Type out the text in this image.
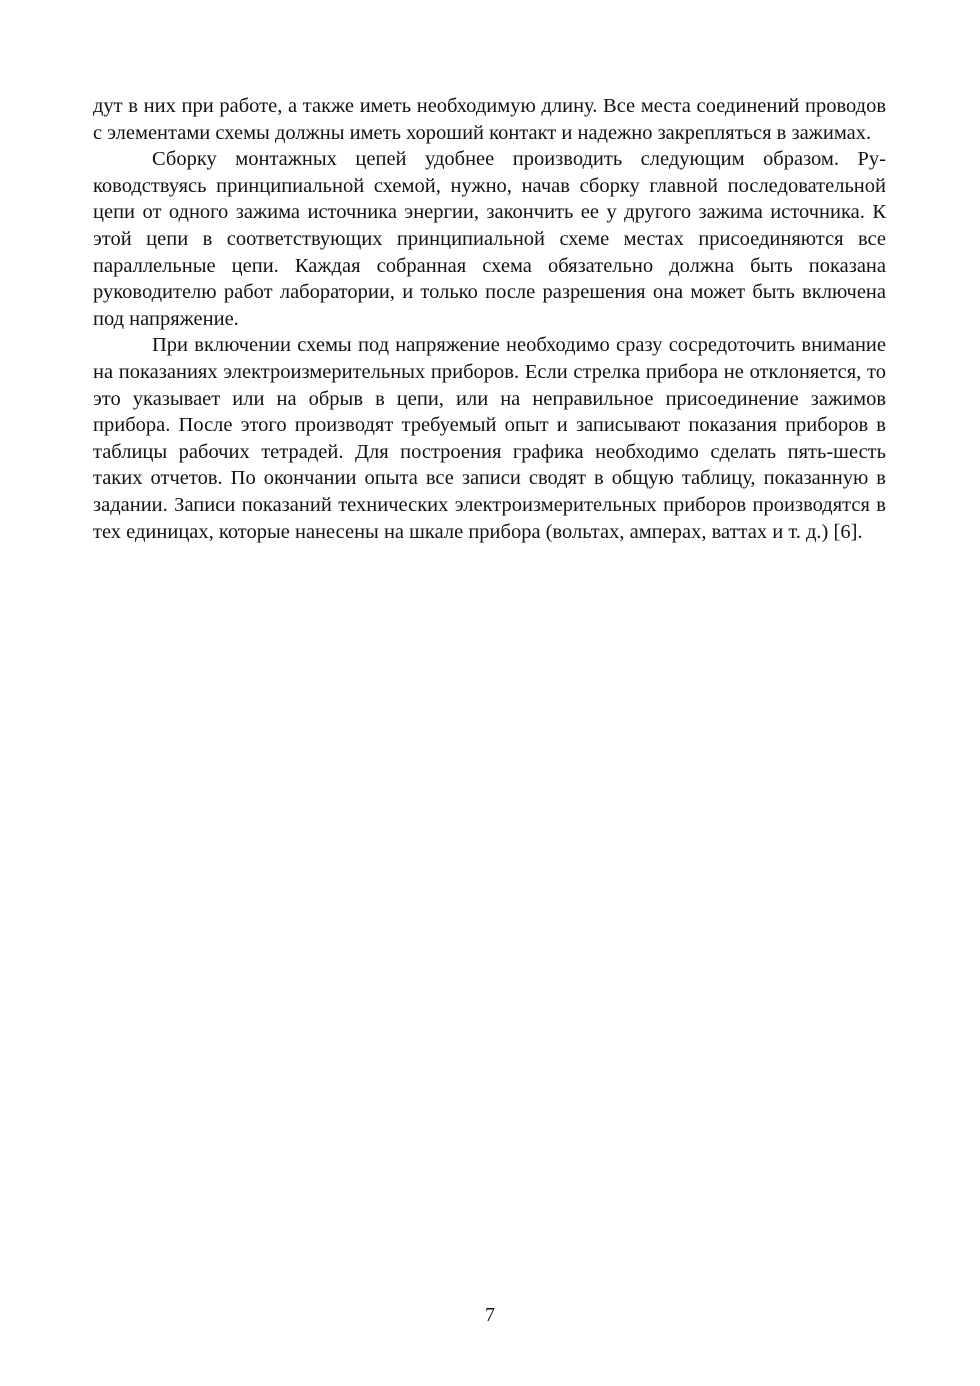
дут в них при работе, а также иметь необходимую длину. Все места соединений проводов с элементами схемы должны иметь хороший контакт и надежно закрепляться в зажимах.

Сборку монтажных цепей удобнее производить следующим образом. Руководствуясь принципиальной схемой, нужно, начав сборку главной последовательной цепи от одного зажима источника энергии, закончить ее у другого зажима источника. К этой цепи в соответствующих принципиальной схеме местах присоединяются все параллельные цепи. Каждая собранная схема обязательно должна быть показана руководителю работ лаборатории, и только после разрешения она может быть включена под напряжение.

При включении схемы под напряжение необходимо сразу сосредоточить внимание на показаниях электроизмерительных приборов. Если стрелка прибора не отклоняется, то это указывает или на обрыв в цепи, или на неправильное присоединение зажимов прибора. После этого производят требуемый опыт и записывают показания приборов в таблицы рабочих тетрадей. Для построения графика необходимо сделать пять-шесть таких отчетов. По окончании опыта все записи сводят в общую таблицу, показанную в задании. Записи показаний технических электроизмерительных приборов производятся в тех единицах, которые нанесены на шкале прибора (вольтах, амперах, ваттах и т. д.) [6].

7
